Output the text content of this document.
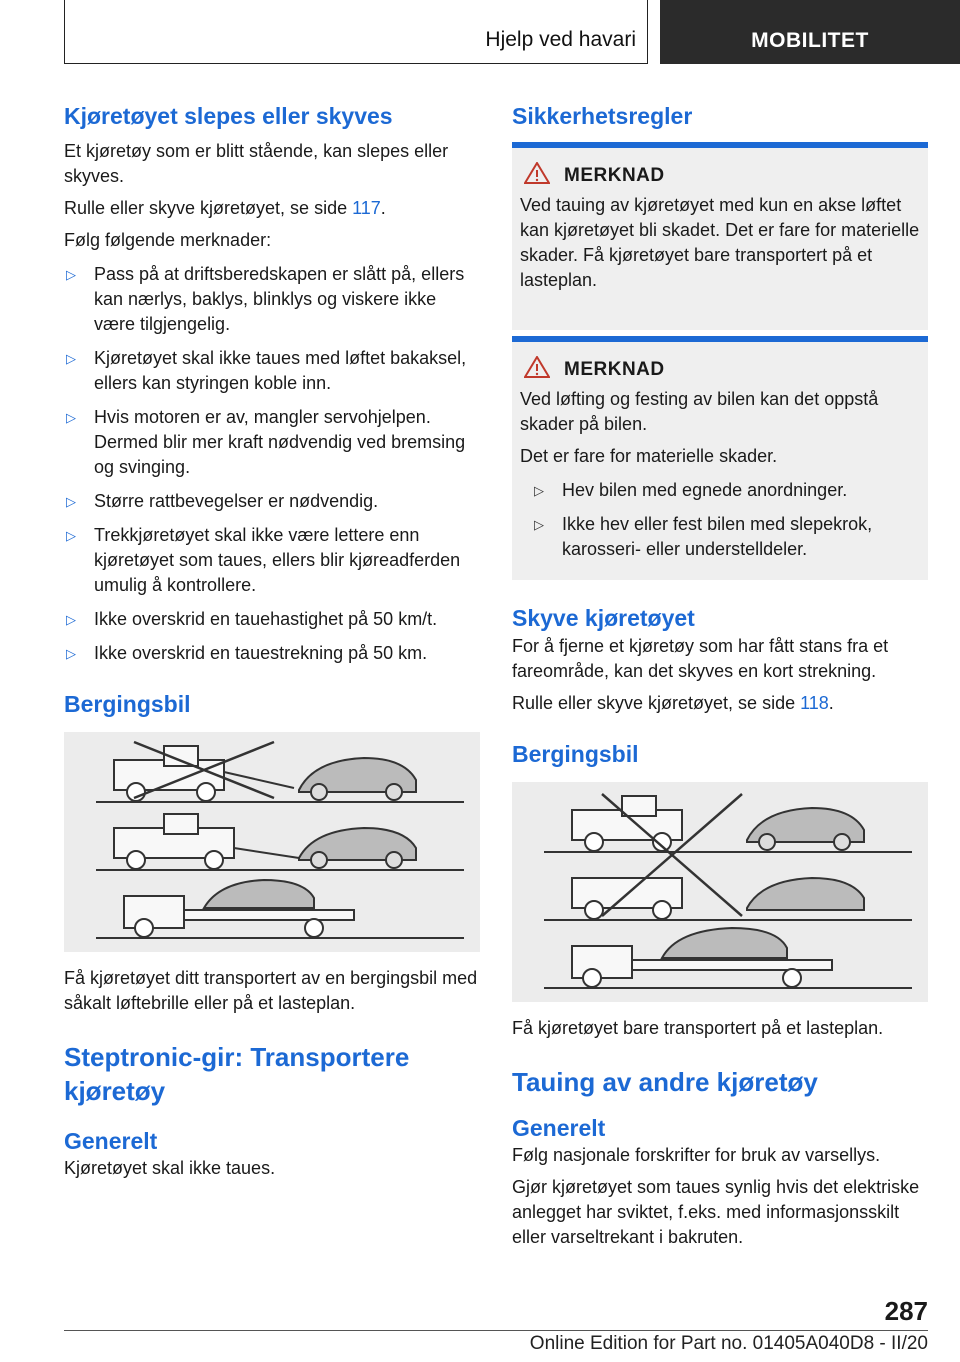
Hjelp ved havari	MOBILITET
Kjøretøyet slepes eller skyves

Et kjøretøy som er blitt stående, kan slepes eller skyves.

Rulle eller skyve kjøretøyet, se side 117.

Følg følgende merknader:

▷ Pass på at driftsberedskapen er slått på, ellers kan nærlys, baklys, blinklys og viskere ikke være tilgjengelig.
▷ Kjøretøyet skal ikke taues med løftet bakaksel, ellers kan styringen koble inn.
▷ Hvis motoren er av, mangler servohjelpen. Dermed blir mer kraft nødvendig ved bremsing og svinging.
▷ Større rattbevegelser er nødvendig.
▷ Trekkjøretøyet skal ikke være lettere enn kjøretøyet som taues, ellers blir kjøreadferden umulig å kontrollere.
▷ Ikke overskrid en tauehastighet på 50 km/t.
▷ Ikke overskrid en tauestrekning på 50 km.
Bergingsbil

Få kjøretøyet ditt transportert av en bergingsbil med såkalt løftebrille eller på et lasteplan.

Steptronic-gir: Transportere kjøretøy
Generelt

Kjøretøyet skal ikke taues.

Sikkerhetsregler
MERKNAD

Ved tauing av kjøretøyet med kun en akse løftet kan kjøretøyet bli skadet. Det er fare for materielle skader. Få kjøretøyet bare transportert på et lasteplan.

MERKNAD

Ved løfting og festing av bilen kan det oppstå skader på bilen.

Det er fare for materielle skader.

▷ Hev bilen med egnede anordninger.
▷ Ikke hev eller fest bilen med slepekrok, karosseri- eller understelldeler.
Skyve kjøretøyet

For å fjerne et kjøretøy som har fått stans fra et fareområde, kan det skyves en kort strekning.

Rulle eller skyve kjøretøyet, se side 118.

Bergingsbil

Få kjøretøyet bare transportert på et lasteplan.

Tauing av andre kjøretøy
Generelt

Følg nasjonale forskrifter for bruk av varsellys.

Gjør kjøretøyet som taues synlig hvis det elektriske anlegget har sviktet, f.eks. med informasjonsskilt eller varseltrekant i bakruten.

287
Online Edition for Part no. 01405A040D8 - II/20
